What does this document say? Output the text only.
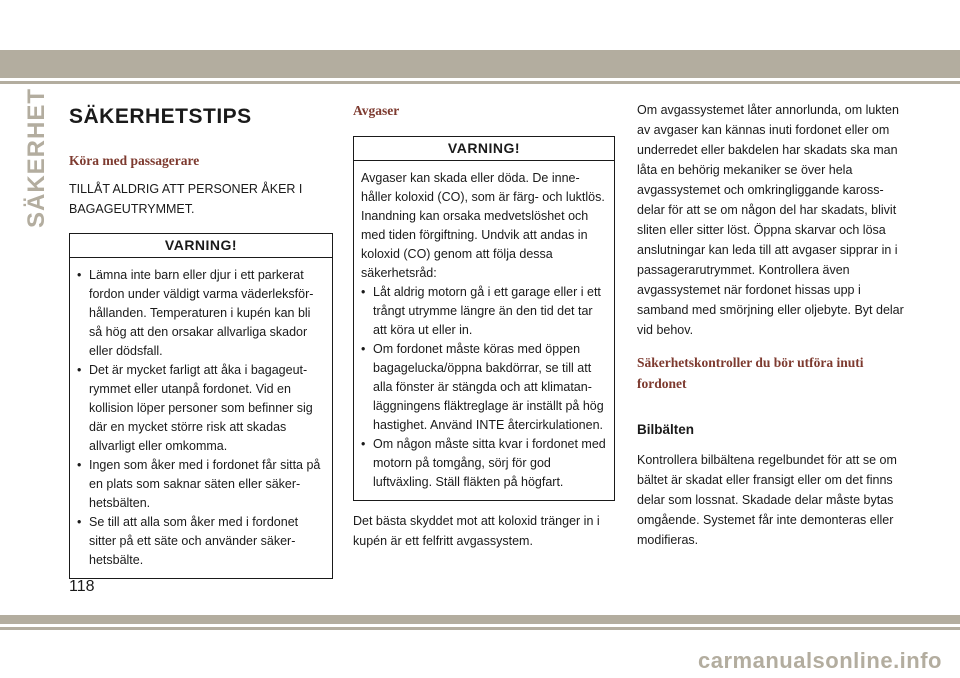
SÄKERHET SÄKERHETSTIPS
Köra med passagerare

TILLÅT ALDRIG ATT PERSONER ÅKER I BAGAGEUTRYMMET.

VARNING!
• Lämna inte barn eller djur i ett parkerat fordon under väldigt varma väderleksförhållanden. Temperaturen i kupén kan bli så hög att den orsakar allvarliga skador eller dödsfall.
• Det är mycket farligt att åka i bagageutrymmet eller utanpå fordonet. Vid en kollision löper personer som befinner sig där en mycket större risk att skadas allvarligt eller omkomma.
• Ingen som åker med i fordonet får sitta på en plats som saknar säten eller säkerhetsbälten.
• Se till att alla som åker med i fordonet sitter på ett säte och använder säkerhetsbälte.
Avgaser
VARNING!
Avgaser kan skada eller döda. De innehåller koloxid (CO), som är färg- och luktlös. Inandning kan orsaka medvetslöshet och med tiden förgiftning. Undvik att andas in koloxid (CO) genom att följa dessa säkerhetsråd:
• Låt aldrig motorn gå i ett garage eller i ett trångt utrymme längre än den tid det tar att köra ut eller in.
• Om fordonet måste köras med öppen bagagelucka/öppna bakdörrar, se till att alla fönster är stängda och att klimatanläggningens fläktreglage är inställt på hög hastighet. Använd INTE återcirkulationen.
• Om någon måste sitta kvar i fordonet med motorn på tomgång, sörj för god luftväxling. Ställ fläkten på högfart.

Det bästa skyddet mot att koloxid tränger in i kupén är ett felfritt avgassystem.

Om avgassystemet låter annorlunda, om lukten av avgaser kan kännas inuti fordonet eller om underredet eller bakdelen har skadats ska man låta en behörig mekaniker se över hela avgassystemet och omkringliggande karossdelar för att se om någon del har skadats, blivit sliten eller sitter löst. Öppna skarvar och lösa anslutningar kan leda till att avgaser sipprar in i passagerarutrymmet. Kontrollera även avgassystemet när fordonet hissas upp i samband med smörjning eller oljebyte. Byt delar vid behov.

Säkerhetskontroller du bör utföra inuti fordonet
Bilbälten

Kontrollera bilbältena regelbundet för att se om bältet är skadat eller fransigt eller om det finns delar som lossnat. Skadade delar måste bytas omgående. Systemet får inte demonteras eller modifieras.

118
carmanualsonline.info
